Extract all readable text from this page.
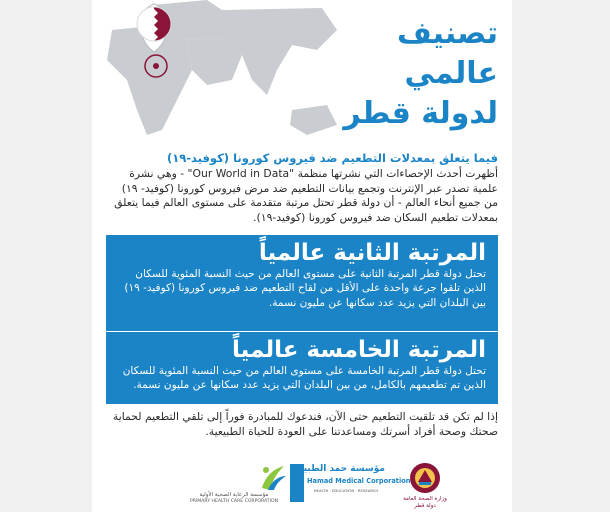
تصنيف
عالمي
لدولة قطر
فيما يتعلق بمعدلات التطعيم ضد فيروس كورونا (كوفيد-١٩)
أظهرت أحدث الإحصاءات التي نشرتها منظمة "Our World in Data" - وهي نشرة علمية تصدر عبر الإنترنت وتجمع بيانات التطعيم ضد مرض فيروس كورونا (كوفيد- ١٩) من جميع أنحاء العالم - أن دولة قطر تحتل مرتبة متقدمة على مستوى العالم فيما يتعلق بمعدلات تطعيم السكان ضد فيروس كورونا (كوفيد-١٩).
المرتبة الثانية عالمياً
تحتل دولة قطر المرتبة الثانية على مستوى العالم من حيث النسبة المئوية للسكان الذين تلقوا جرعة واحدة على الأقل من لقاح التطعيم ضد فيروس كورونا (كوفيد- ١٩) بين البلدان التي يزيد عدد سكانها عن مليون نسمة.
المرتبة الخامسة عالمياً
تحتل دولة قطر المرتبة الخامسة على مستوى العالم من حيث النسبة المئوية للسكان الذين تم تطعيمهم بالكامل، من بين البلدان التي يزيد عدد سكانها عن مليون نسمة.
إذا لم تكن قد تلقيت التطعيم حتى الآن، فندعوك للمبادرة فوراً إلى تلقي التطعيم لحماية صحتك وصحة أفراد أسرتك ومساعدتنا على العودة للحياة الطبيعية.
مؤسسة الرعاية الصحية الأولية
PRIMARY HEALTH CARE CORPORATION
مؤسسة حمد الطبية
Hamad Medical Corporation
HEALTH · EDUCATION · RESEARCH
وزارة الصحة العامة
دولة قطر
